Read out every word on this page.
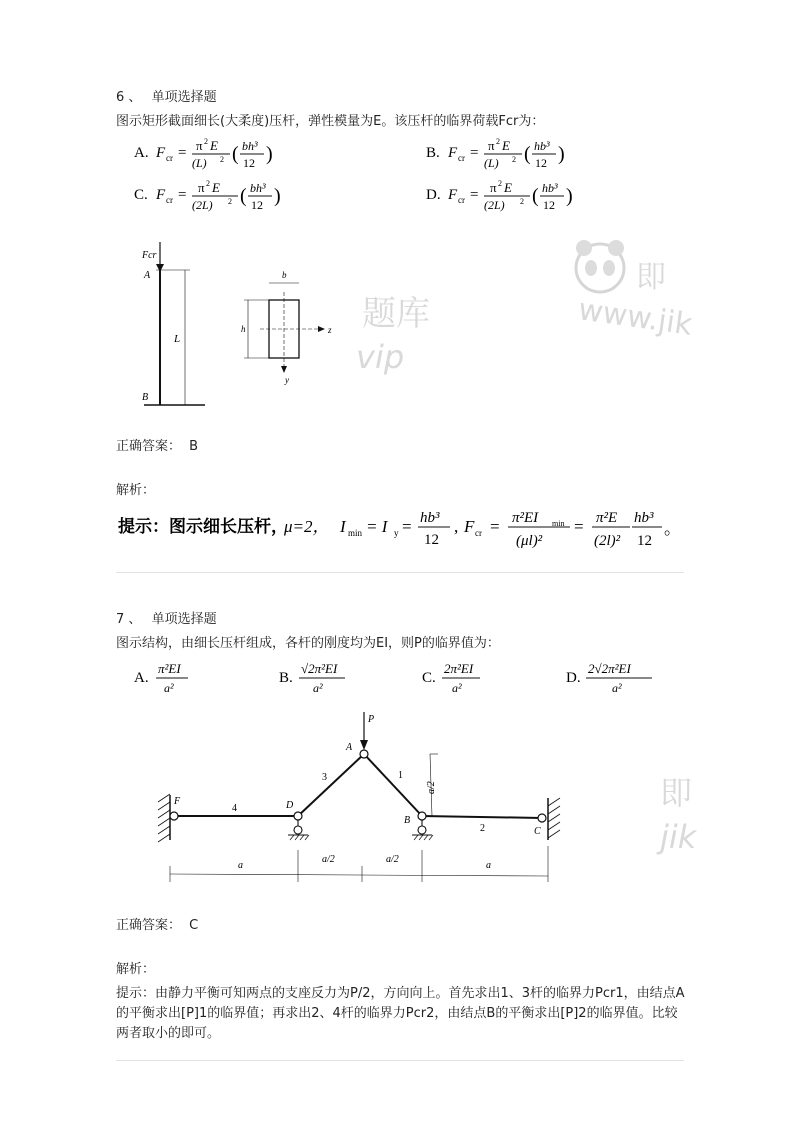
6 、 单项选择题
图示矩形截面细长(大柔度)压杆，弹性模量为E。该压杆的临界荷载Fcr为：
A. F cr = π 2 E
(L) 2 ( bh³
12 )	B. F cr = π 2 E
(L) 2 ( hb³
12 )
C. F cr = π 2 E
(2L) 2 ( bh³
12 )	D. F cr = π 2 E
(2L) 2 ( hb³
12 )
Fcr
A
L
B
b
h	z
y
正确答案： B
解析：
提示：图示细长压杆，
μ=2， I min = I y = hb³
12
, F cr = π²EI min
(μl)²
= π²E
(2l)²
hb³
12
。
7 、 单项选择题
图示结构，由细长压杆组成，各杆的刚度均为EI，则P的临界值为：
A.
π²EI
a²
B.
√2π²EI
a²
C.
2π²EI
a²
D.
2√2π²EI
a²
P
A
F	D
B
C
1
2
3
4
a/2
a
a/2	a/2
a
正确答案： C
解析：
提示：由静力平衡可知两点的支座反力为P/2，方向向上。首先求出1、3杆的临界力Pcr1，由结点A的平衡求出[P]1的临界值；再求出2、4杆的临界力Pcr2，由结点B的平衡求出[P]2的临界值。比较两者取小的即可。
即
www.jik
题库
vip
即
jik
